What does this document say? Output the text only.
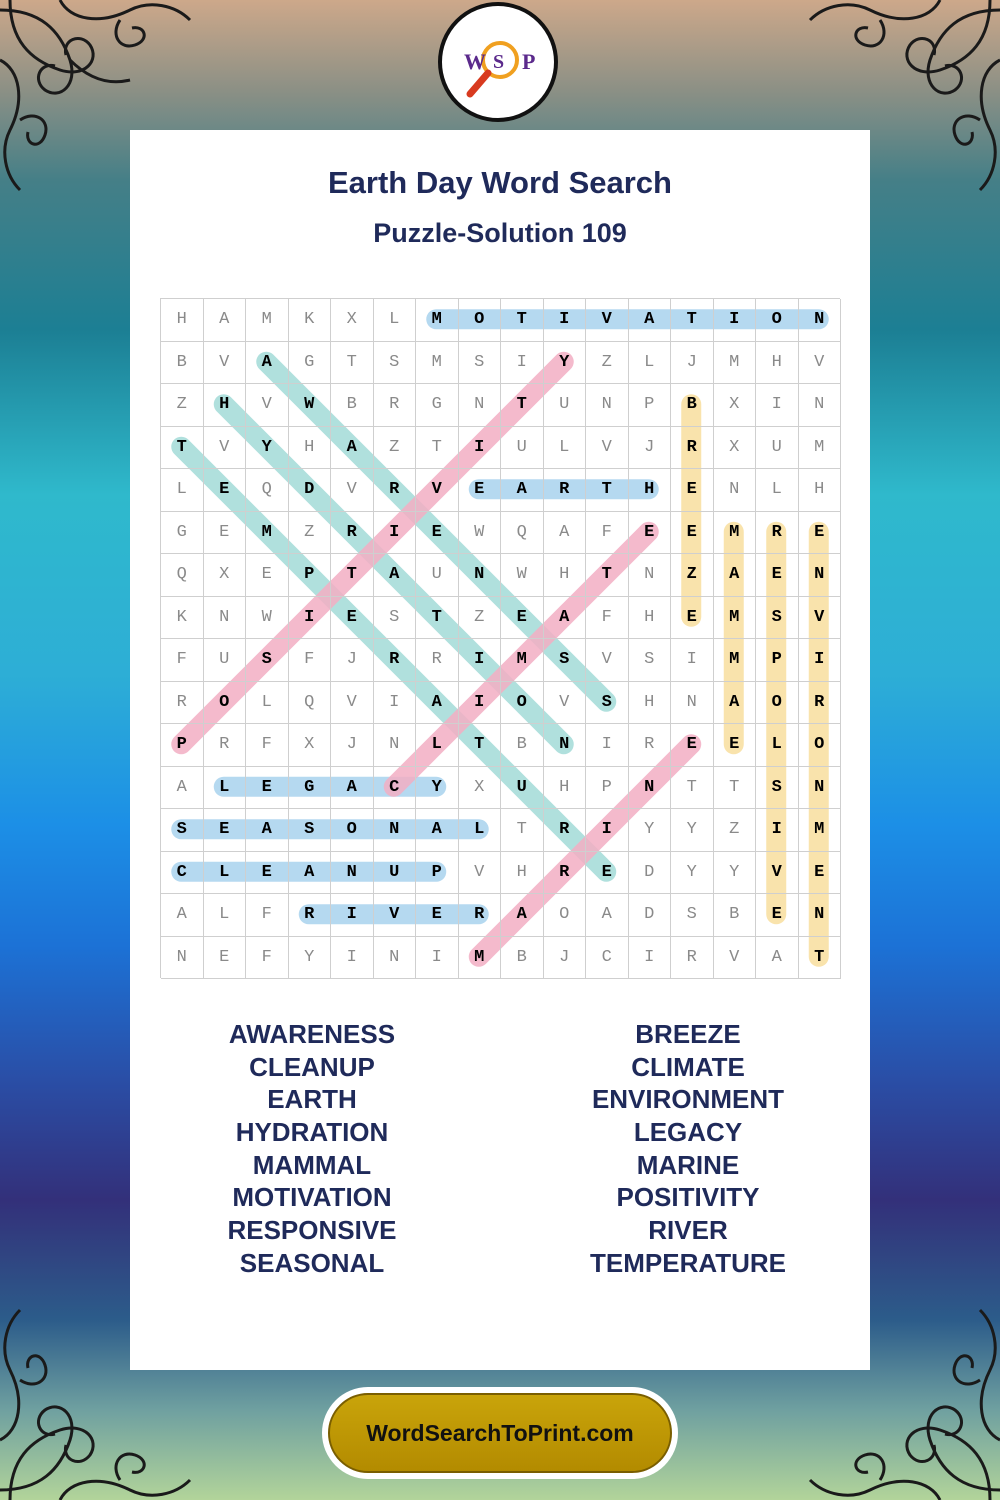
W S P
Earth Day Word Search
Puzzle-Solution 109
H	A	M	K	X	L	M	O	T	I	V	A	T	I	O	N
B	V	A	G	T	S	M	S	I	Y	Z	L	J	M	H	V
Z	H	V	W	B	R	G	N	T	U	N	P	B	X	I	N
T	V	Y	H	A	Z	T	I	U	L	V	J	R	X	U	M
L	E	Q	D	V	R	V	E	A	R	T	H	E	N	L	H
G	E	M	Z	R	I	E	W	Q	A	F	E	E	M	R	E
Q	X	E	P	T	A	U	N	W	H	T	N	Z	A	E	N
K	N	W	I	E	S	T	Z	E	A	F	H	E	M	S	V
F	U	S	F	J	R	R	I	M	S	V	S	I	M	P	I
R	O	L	Q	V	I	A	I	O	V	S	H	N	A	O	R
P	R	F	X	J	N	L	T	B	N	I	R	E	E	L	O
A	L	E	G	A	C	Y	X	U	H	P	N	T	T	S	N
S	E	A	S	O	N	A	L	T	R	I	Y	Y	Z	I	M
C	L	E	A	N	U	P	V	H	R	E	D	Y	Y	V	E
A	L	F	R	I	V	E	R	A	O	A	D	S	B	E	N
N	E	F	Y	I	N	I	M	B	J	C	I	R	V	A	T
AWARENESS
CLEANUP
EARTH
HYDRATION
MAMMAL
MOTIVATION
RESPONSIVE
SEASONAL
BREEZE
CLIMATE
ENVIRONMENT
LEGACY
MARINE
POSITIVITY
RIVER
TEMPERATURE
WordSearchToPrint.com
